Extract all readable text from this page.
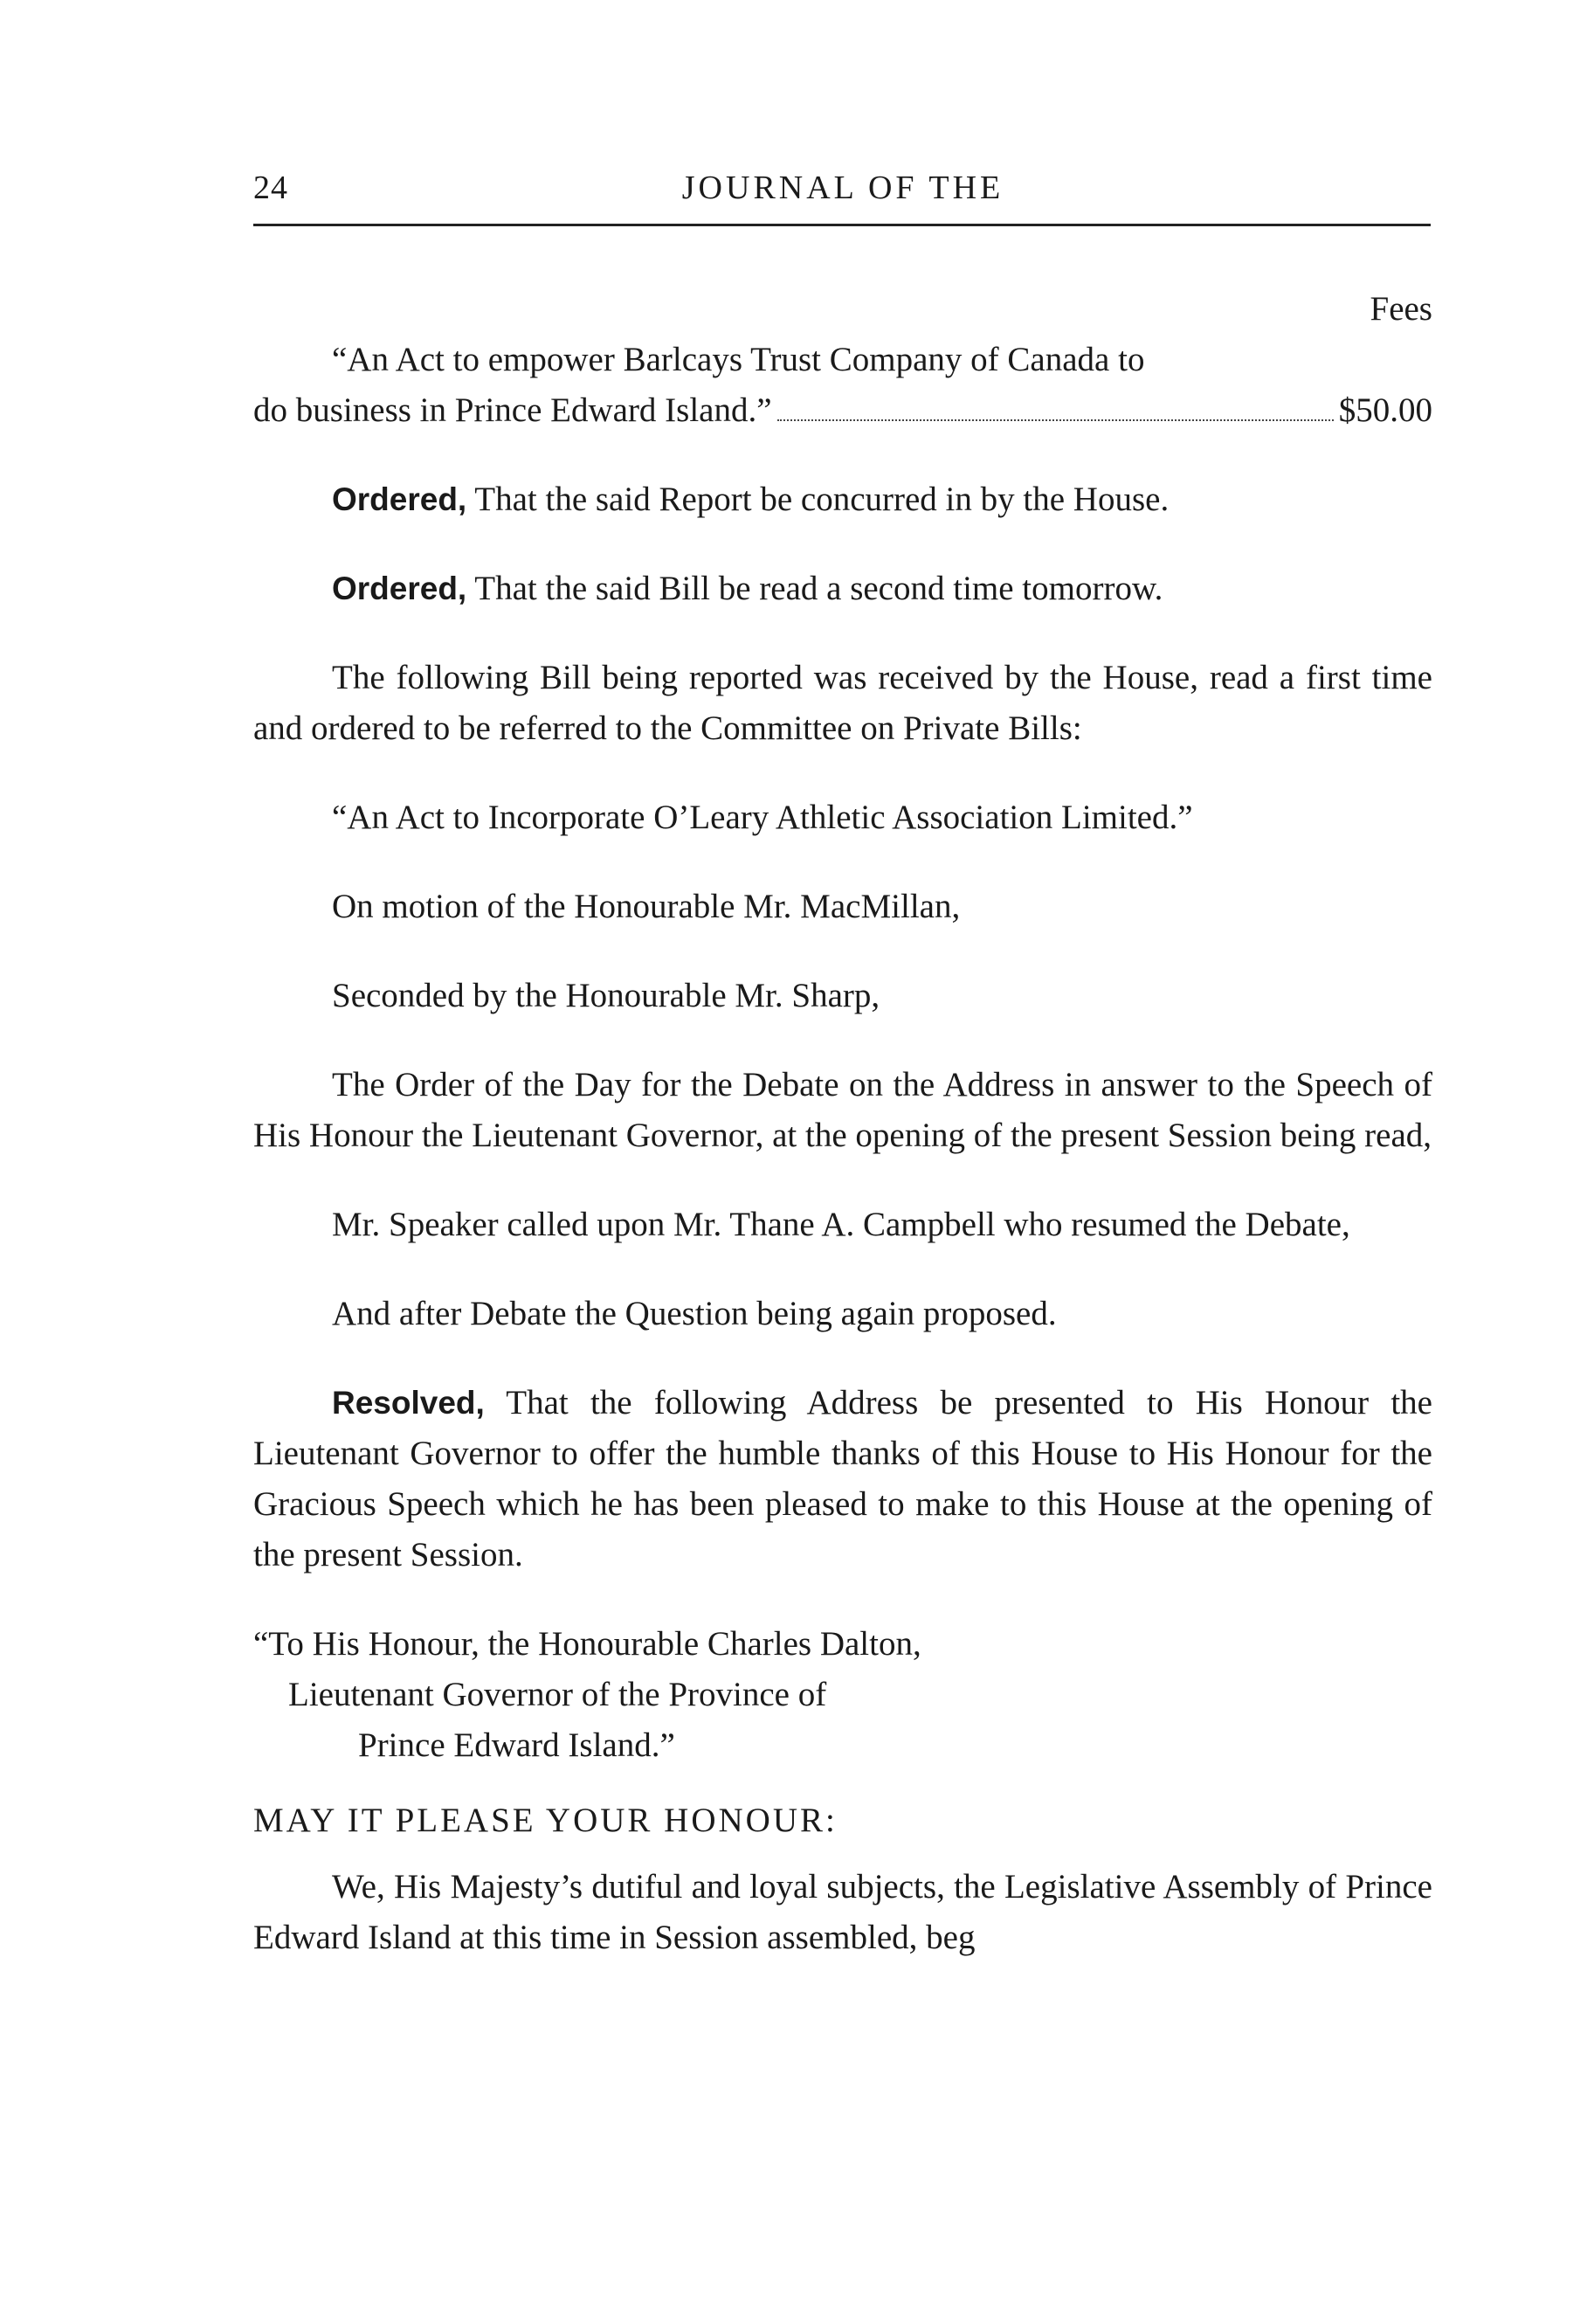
24	JOURNAL OF THE
Fees

“An Act to empower Barlcays Trust Company of Canada to

do business in Prince Edward Island.”	$50.00

Ordered, That the said Report be concurred in by the House.

Ordered, That the said Bill be read a second time tomorrow.

The following Bill being reported was received by the House, read a first time and ordered to be referred to the Committee on Private Bills:

“An Act to Incorporate O’Leary Athletic Association Limited.”

On motion of the Honourable Mr. MacMillan,

Seconded by the Honourable Mr. Sharp,

The Order of the Day for the Debate on the Address in answer to the Speech of His Honour the Lieutenant Governor, at the opening of the present Session being read,

Mr. Speaker called upon Mr. Thane A. Campbell who resumed the Debate,

And after Debate the Question being again proposed.

Resolved, That the following Address be presented to His Honour the Lieutenant Governor to offer the humble thanks of this House to His Honour for the Gracious Speech which he has been pleased to make to this House at the opening of the present Session.

“To His Honour, the Honourable Charles Dalton,
Lieutenant Governor of the Province of
Prince Edward Island.”

MAY IT PLEASE YOUR HONOUR:

We, His Majesty’s dutiful and loyal subjects, the Legislative Assembly of Prince Edward Island at this time in Session assembled, beg
